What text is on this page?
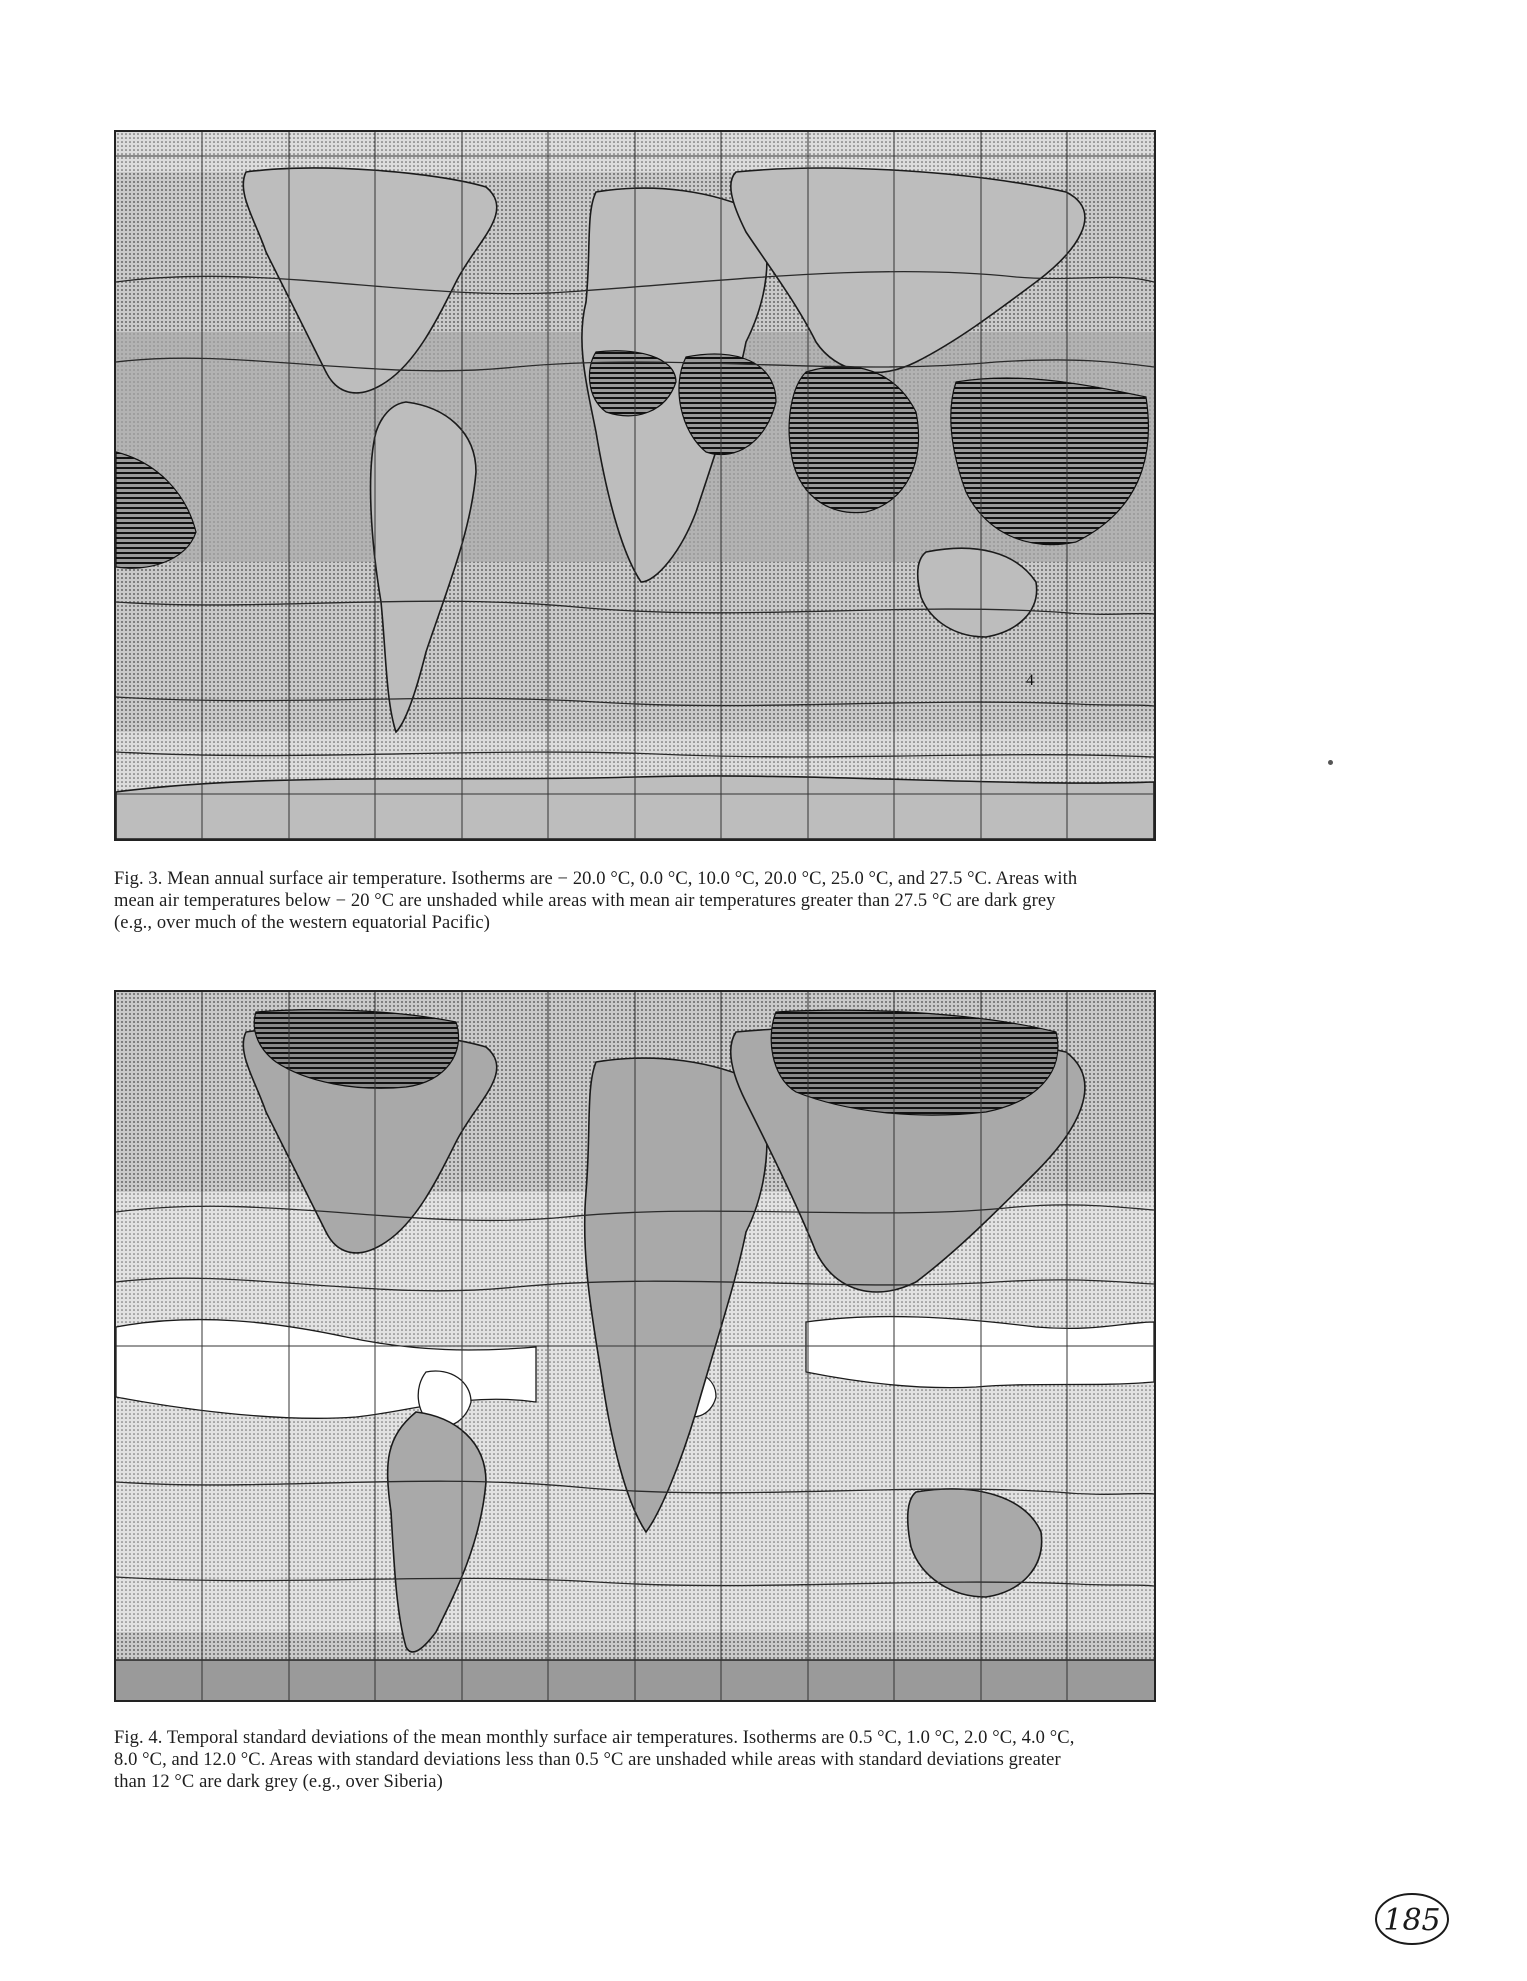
4
Fig. 3. Mean annual surface air temperature. Isotherms are − 20.0 °C, 0.0 °C, 10.0 °C, 20.0 °C, 25.0 °C, and 27.5 °C. Areas with
mean air temperatures below − 20 °C are unshaded while areas with mean air temperatures greater than 27.5 °C are dark grey
(e.g., over much of the western equatorial Pacific)
Fig. 4. Temporal standard deviations of the mean monthly surface air temperatures. Isotherms are 0.5 °C, 1.0 °C, 2.0 °C, 4.0 °C,
8.0 °C, and 12.0 °C. Areas with standard deviations less than 0.5 °C are unshaded while areas with standard deviations greater
than 12 °C are dark grey (e.g., over Siberia)
185
